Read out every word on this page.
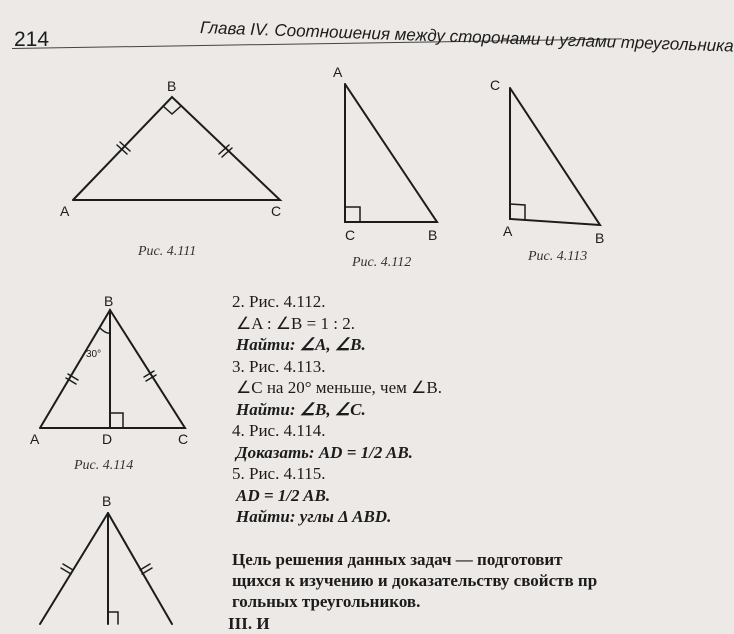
214	Глава IV. Соотношения между сторонами и углами треугольника
B
A	C
Рис. 4.111
A
C	B
Рис. 4.112
C
A	B
Рис. 4.113
30°
B
A	D	C
Рис. 4.114
B
2. Рис. 4.112.
∠A : ∠B = 1 : 2.
Найти: ∠A, ∠B.
3. Рис. 4.113.
∠C на 20° меньше, чем ∠B.
Найти: ∠B, ∠C.
4. Рис. 4.114.
Доказать: AD = 1/2 AB.
5. Рис. 4.115.
AD = 1/2 AB.
Найти: углы Δ ABD.
Цель решения данных задач — подготовит
щихся к изучению и доказательству свойств пр
гольных треугольников.
III. И
